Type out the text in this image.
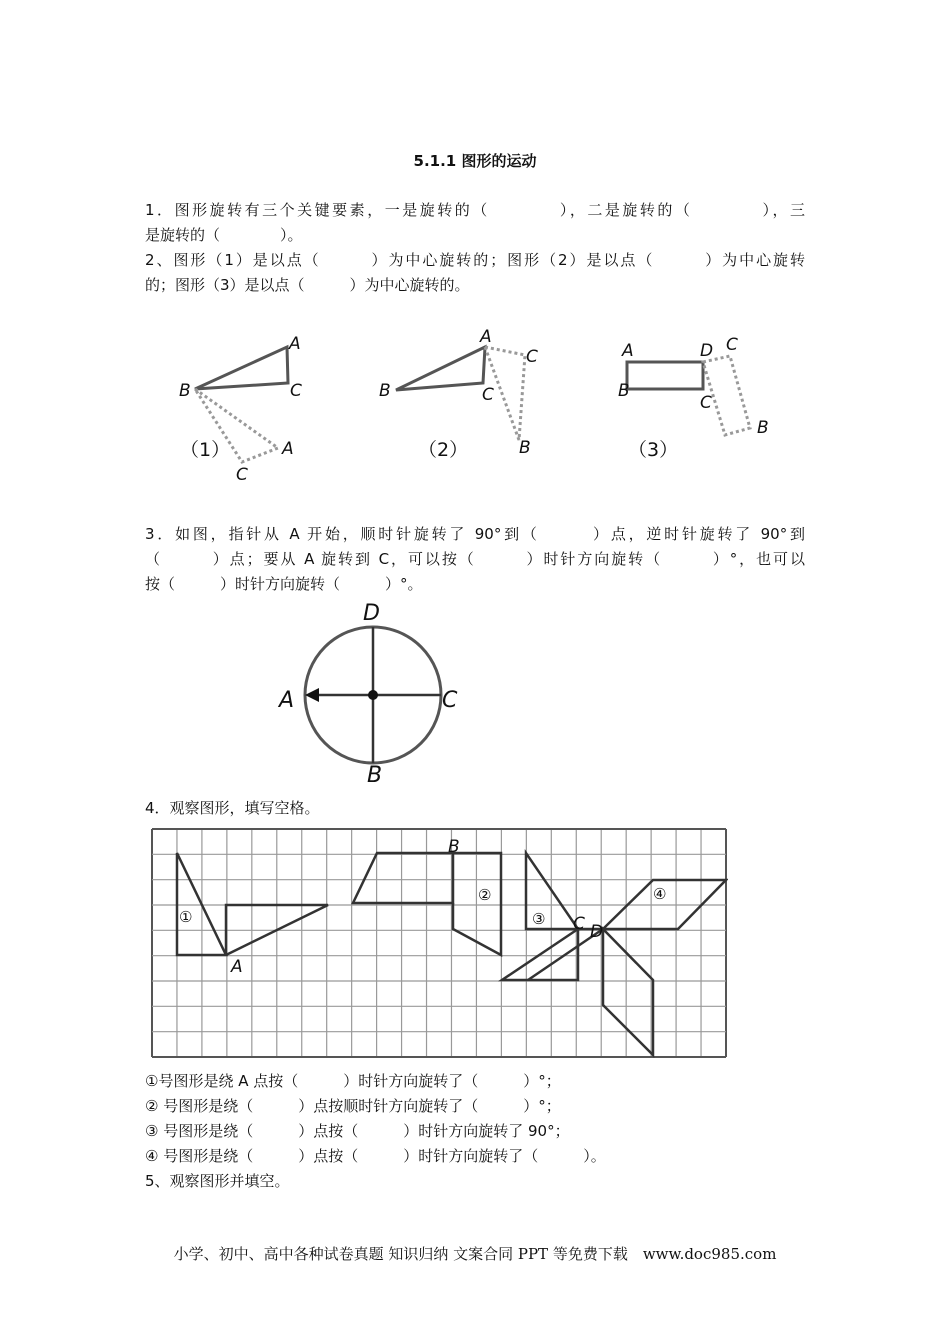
5.1.1 图形的运动
1．图形旋转有三个关键要素，一是旋转的（　　　　），二是旋转的（　　　　），三
是旋转的（　　　　）。
2、图形（1）是以点（　　　）为中心旋转的；图形（2）是以点（　　　）为中心旋转
的；图形（3）是以点（　　　）为中心旋转的。
A
B	C
A
C
（1）
A
C
B
C
B
（2）
A	D C
B
C
B
（3）
3．如图，指针从 A 开始，顺时针旋转了 90°到（　　　）点，逆时针旋转了 90°到
（　　　）点；要从 A 旋转到 C，可以按（　　　）时针方向旋转（　　　）°，也可以
按（　　　）时针方向旋转（　　　）°。
D
A	C
B
4．观察图形，填写空格。
B
A
C D
①
②
③
④
①号图形是绕 A 点按（　　　）时针方向旋转了（　　　）°；
② 号图形是绕（　　　）点按顺时针方向旋转了（　　　）°；
③ 号图形是绕（　　　）点按（　　　）时针方向旋转了 90°；
④ 号图形是绕（　　　）点按（　　　）时针方向旋转了（　　　）。
5、观察图形并填空。
小学、初中、高中各种试卷真题 知识归纳 文案合同 PPT 等免费下载　www.doc985.com
